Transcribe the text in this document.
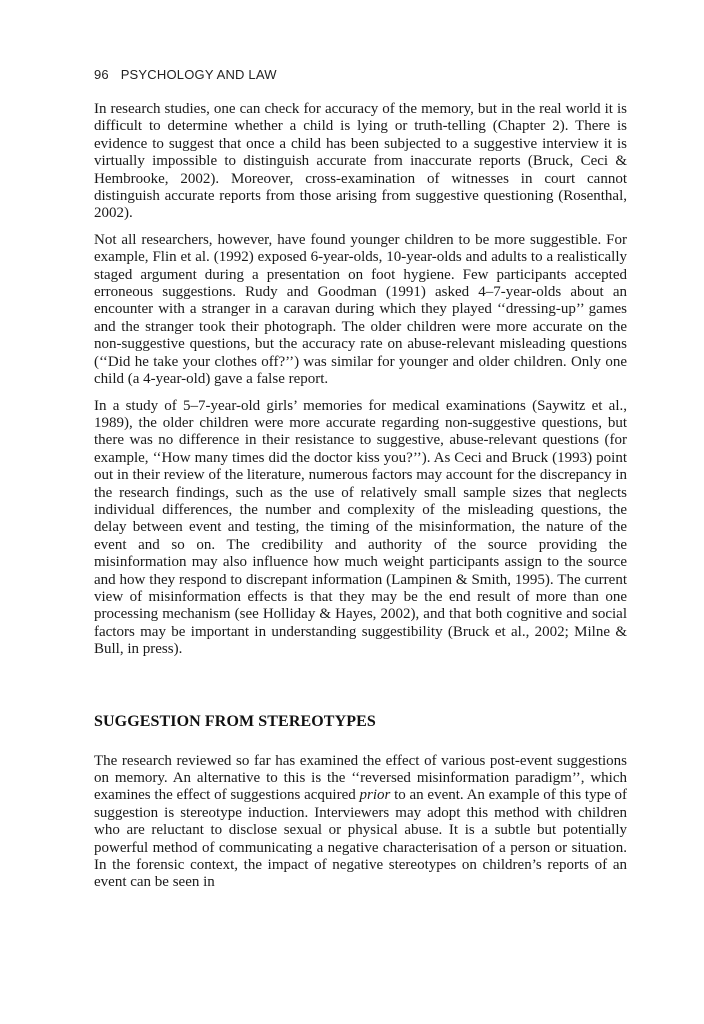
96 PSYCHOLOGY AND LAW

In research studies, one can check for accuracy of the memory, but in the real world it is difficult to determine whether a child is lying or truth-telling (Chapter 2). There is evidence to suggest that once a child has been subjected to a suggestive interview it is virtually impossible to distinguish accurate from inaccurate reports (Bruck, Ceci & Hembrooke, 2002). Moreover, cross-examination of witnesses in court cannot distinguish accurate reports from those arising from suggestive questioning (Rosenthal, 2002).

Not all researchers, however, have found younger children to be more suggestible. For example, Flin et al. (1992) exposed 6-year-olds, 10-year-olds and adults to a realistically staged argument during a presentation on foot hygiene. Few participants accepted erroneous suggestions. Rudy and Goodman (1991) asked 4–7-year-olds about an encounter with a stranger in a caravan during which they played ‘‘dressing-up’’ games and the stranger took their photograph. The older children were more accurate on the non-suggestive questions, but the accuracy rate on abuse-relevant misleading questions (‘‘Did he take your clothes off?’’) was similar for younger and older children. Only one child (a 4-year-old) gave a false report.

In a study of 5–7-year-old girls’ memories for medical examinations (Saywitz et al., 1989), the older children were more accurate regarding non-suggestive questions, but there was no difference in their resistance to suggestive, abuse-relevant questions (for example, ‘‘How many times did the doctor kiss you?’’). As Ceci and Bruck (1993) point out in their review of the literature, numerous factors may account for the discrepancy in the research findings, such as the use of relatively small sample sizes that neglects individual differences, the number and complexity of the misleading questions, the delay between event and testing, the timing of the misinformation, the nature of the event and so on. The credibility and authority of the source providing the misinformation may also influence how much weight participants assign to the source and how they respond to discrepant information (Lampinen & Smith, 1995). The current view of misinformation effects is that they may be the end result of more than one processing mechanism (see Holliday & Hayes, 2002), and that both cognitive and social factors may be important in understanding suggestibility (Bruck et al., 2002; Milne & Bull, in press).

SUGGESTION FROM STEREOTYPES

The research reviewed so far has examined the effect of various post-event suggestions on memory. An alternative to this is the ‘‘reversed misinformation paradigm’’, which examines the effect of suggestions acquired prior to an event. An example of this type of suggestion is stereotype induction. Interviewers may adopt this method with children who are reluctant to disclose sexual or physical abuse. It is a subtle but potentially powerful method of communicating a negative characterisation of a person or situation. In the forensic context, the impact of negative stereotypes on children’s reports of an event can be seen in
